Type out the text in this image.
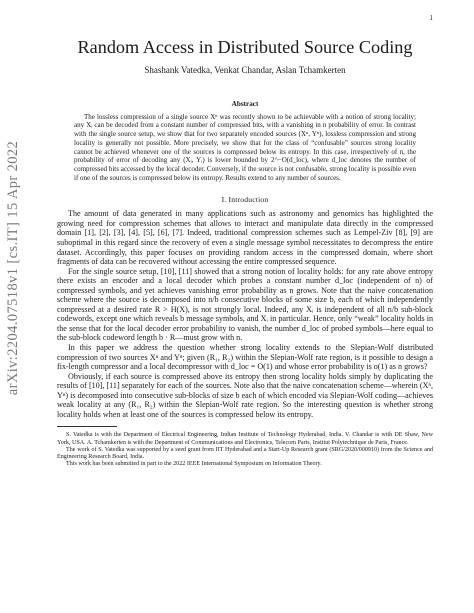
arXiv:2204.07518v1 [cs.IT] 15 Apr 2022
1
Random Access in Distributed Source Coding
Shashank Vatedka, Venkat Chandar, Aslan Tchamkerten
Abstract

The lossless compression of a single source Xⁿ was recently shown to be achievable with a notion of strong locality; any Xᵢ can be decoded from a constant number of compressed bits, with a vanishing in n probability of error. In contrast with the single source setup, we show that for two separately encoded sources (Xⁿ, Yⁿ), lossless compression and strong locality is generally not possible. More precisely, we show that for the class of “confusable” sources strong locality cannot be achieved whenever one of the sources is compressed below its entropy. In this case, irrespectively of n, the probability of error of decoding any (Xᵢ, Yᵢ) is lower bounded by 2^−O(d_loc), where d_loc denotes the number of compressed bits accessed by the local decoder. Conversely, if the source is not confusable, strong locality is possible even if one of the sources is compressed below its entropy. Results extend to any number of sources.

I. Introduction

The amount of data generated in many applications such as astronomy and genomics has highlighted the growing need for compression schemes that allows to interact and manipulate data directly in the compressed domain [1], [2], [3], [4], [5], [6], [7]. Indeed, traditional compression schemes such as Lempel-Ziv [8], [9] are suboptimal in this regard since the recovery of even a single message symbol necessitates to decompress the entire dataset. Accordingly, this paper focuses on providing random access in the compressed domain, where short fragments of data can be recovered without accessing the entire compressed sequence.

For the single source setup, [10], [11] showed that a strong notion of locality holds: for any rate above entropy there exists an encoder and a local decoder which probes a constant number d_loc (independent of n) of compressed symbols, and yet achieves vanishing error probability as n grows. Note that the naive concatenation scheme where the source is decomposed into n/b consecutive blocks of some size b, each of which independently compressed at a desired rate R > H(X), is not strongly local. Indeed, any Xᵢ is independent of all n/b sub-block codewords, except one which reveals b message symbols, and Xᵢ in particular. Hence, only “weak” locality holds in the sense that for the local decoder error probability to vanish, the number d_loc of probed symbols—here equal to the sub-block codeword length b · R—must grow with n.

In this paper we address the question whether strong locality extends to the Slepian-Wolf distributed compression of two sources Xⁿ and Yⁿ; given (R₁, R₂) within the Slepian-Wolf rate region, is it possible to design a fix-length compressor and a local decompressor with d_loc = O(1) and whose error probability is o(1) as n grows?

Obviously, if each source is compressed above its entropy then strong locality holds simply by duplicating the results of [10], [11] separately for each of the sources. Note also that the naive concatenation scheme—wherein (Xⁿ, Yⁿ) is decomposed into consecutive sub-blocks of size b each of which encoded via Slepian-Wolf coding—achieves weak locality at any (R₁, R₂) within the Slepian-Wolf rate region. So the interesting question is whether strong locality holds when at least one of the sources is compressed below its entropy.

S. Vatedka is with the Department of Electrical Engineering, Indian Institute of Technology Hyderabad, India. V. Chandar is with DE Shaw, New York, USA. A. Tchamkerten is with the Department of Communications and Electronics, Telecom Paris, Institut Polytechnique de Paris, France.

The work of S. Vatedka was supported by a seed grant from IIT Hyderabad and a Start-Up Research grant (SRG/2020/000910) from the Science and Engineering Research Board, India.

This work has been submitted in part to the 2022 IEEE International Symposium on Information Theory.
